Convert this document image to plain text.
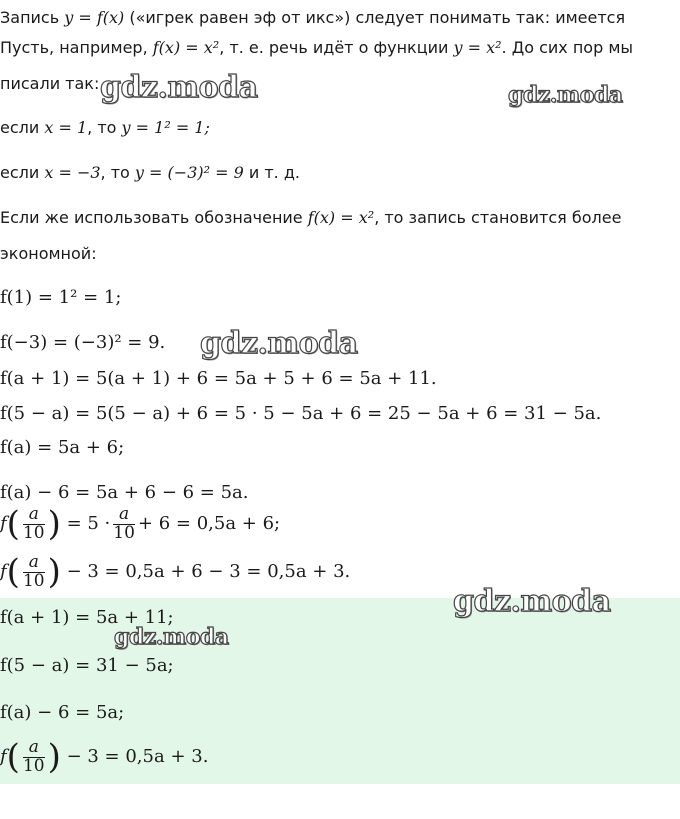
Запись y = f(x) («игрек равен эф от икс») следует понимать так: имеется
Пусть, например, f(x) = x², т. е. речь идёт о функции y = x². До сих пор мы
писали так:
если x = 1, то y = 1² = 1;
если x = −3, то y = (−3)² = 9 и т. д.
Если же использовать обозначение f(x) = x², то запись становится более
экономной:
f(1) = 1² = 1;
f(−3) = (−3)² = 9.
f(a + 1) = 5(a + 1) + 6 = 5a + 5 + 6 = 5a + 11.
f(5 − a) = 5(5 − a) + 6 = 5 · 5 − 5a + 6 = 25 − 5a + 6 = 31 − 5a.
f(a) = 5a + 6;
f(a) − 6 = 5a + 6 − 6 = 5a.
$f( \frac{a}{10}$ ) = $5 \cdot \frac{a}{10} + 6 = 0,5a + 6$;
$f( \frac{a}{10}$ ) − 3 = 0,5a + 6 − 3 = 0,5a + 3.
f(a + 1) = 5a + 11;
f(5 − a) = 31 − 5a;
f(a) − 6 = 5a;
$f( \frac{a}{10}$ ) − 3 = 0,5a + 3.
gdz.moda	gdz.moda
gdz.moda
gdz.moda
gdz.moda
